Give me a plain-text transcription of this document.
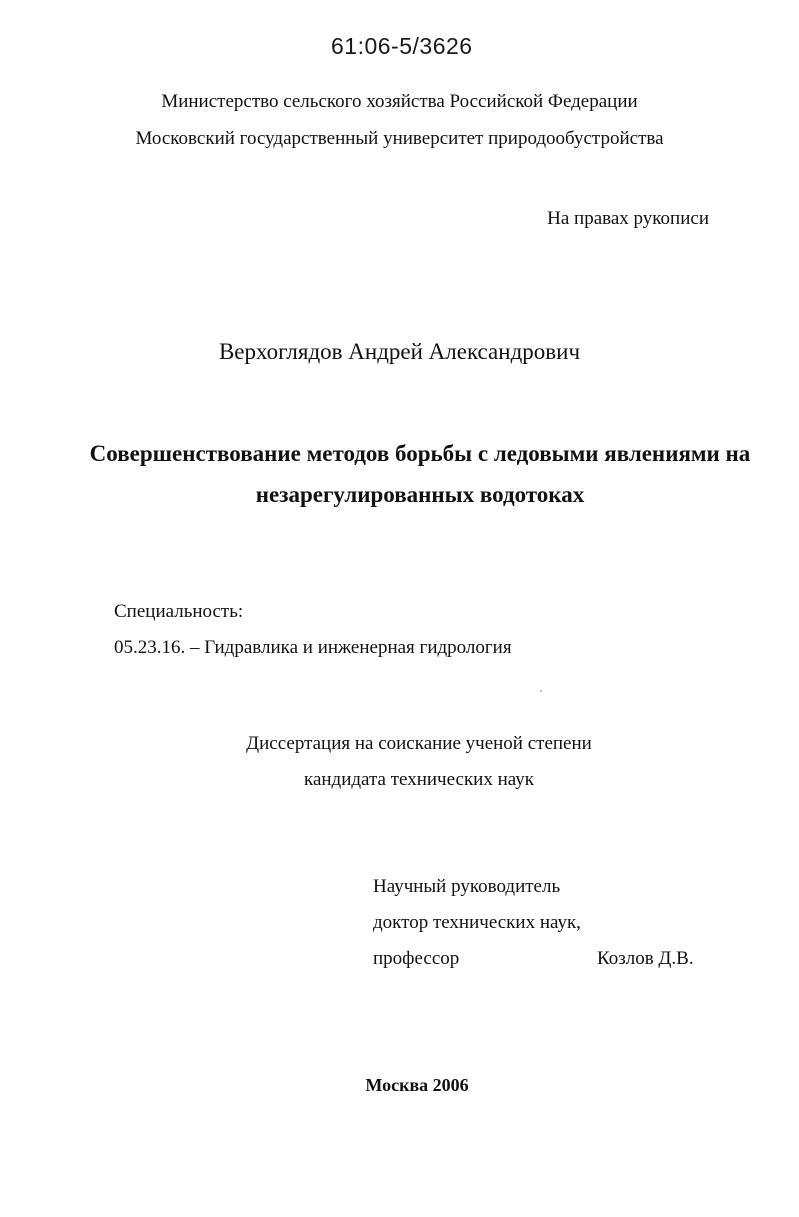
61:06-5/3626
Министерство сельского хозяйства Российской Федерации
Московский государственный университет природообустройства
На правах рукописи
Верхоглядов Андрей Александрович
Совершенствование методов борьбы с ледовыми явлениями на
незарегулированных водотоках
Специальность:
05.23.16. – Гидравлика и инженерная гидрология
Диссертация на соискание ученой степени
кандидата технических наук
Научный руководитель
доктор технических наук,
профессор	Козлов Д.В.
Москва 2006
